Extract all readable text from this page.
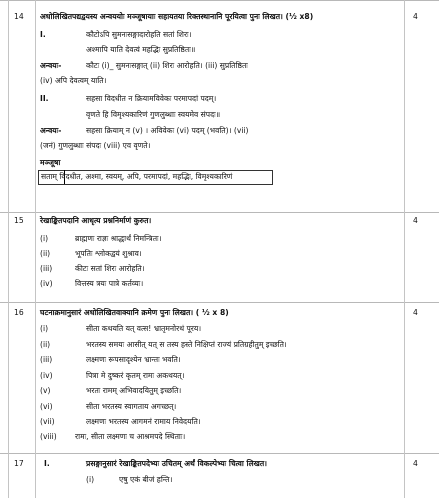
14 अधोलिखितपद्यद्वयस्य अन्वययोः मञ्जूषायाः सहायतया रिक्तस्थानानि पूरयित्वा पुनः लिखत। (½ x8)	4
I.	कौटोऽपि सुमनःसङ्गादारोहति सतां शिरः।
अश्मापि याति देवत्वं महद्भिः सुप्रतिष्ठितः॥
अन्वयः-	कौटः (i)_ सुमनःसङ्गात् (ii) शिरः आरोहति। (iii) सुप्रतिष्ठितः
(iv) अपि देवत्वम् याति।
II.	सहसा विदधीत न क्रियामविवेकः परमापदां पदम्।
वृणते हि विमृश्यकारिणं गुणलुब्धाः स्वयमेव संपदः॥
अन्वयः-	सहसा क्रियाम् न (v) । अविवेकः (vi) पदम् (भवति)। (vii)
(जनं) गुणलुब्धाः संपदः (viii) एव वृणते।
मञ्जूषा
सताम् विदधीत, अश्मा, स्वयम्, अपि, परमापदां, महद्भिः, विमृश्यकारिणं
15 रेखाङ्कितपदानि आधृत्य प्रश्ननिर्माणं कुरुत।	4
(i)	ब्राह्मणः राज्ञः श्राद्धार्थं निमन्त्रितः।
(ii)	भूपतिः श्लोकद्वयं शुश्राव।
(iii)	कीटः सतां शिरः आरोहति।
(iv)	वित्तस्य त्रयः पात्रे कर्तव्यः।
16 घटनाक्रमानुसारं अधोलिखितवाक्यानि क्रमेण पुनः लिखत। ( ½ x 8)	4
(i)	सीता कथयति यत् वत्स! भ्रातृमनोरथं पूरय।
(ii)	भरतस्य समयः आसीत् यत् स तस्य हस्ते निक्षिप्तं राज्यं प्रतिग्रहीतुम् इच्छति।
(iii)	लक्ष्मणः रूपसादृश्येन भ्रान्तः भवति।
(iv)	पित्रा मे दुष्करं कृतम् रामः अकथयत्।
(v)	भरतः रामम् अभिवादयितुम् इच्छति।
(vi)	सीता भरतस्य स्वागताय अगच्छत्।
(vii)	लक्ष्मणः भरतस्य आगमनं रामाय निवेदयति।
(viii) रामः, सीता लक्ष्मणः च आश्रमपदे स्थिताः।
17	I.	प्रसङ्गानुसारं रेखाङ्कितपदेभ्यः उचितम् अर्थं विकल्पेभ्यः चित्वा लिखत।	4
(i)	एषु एकं बीजं हन्ति।
